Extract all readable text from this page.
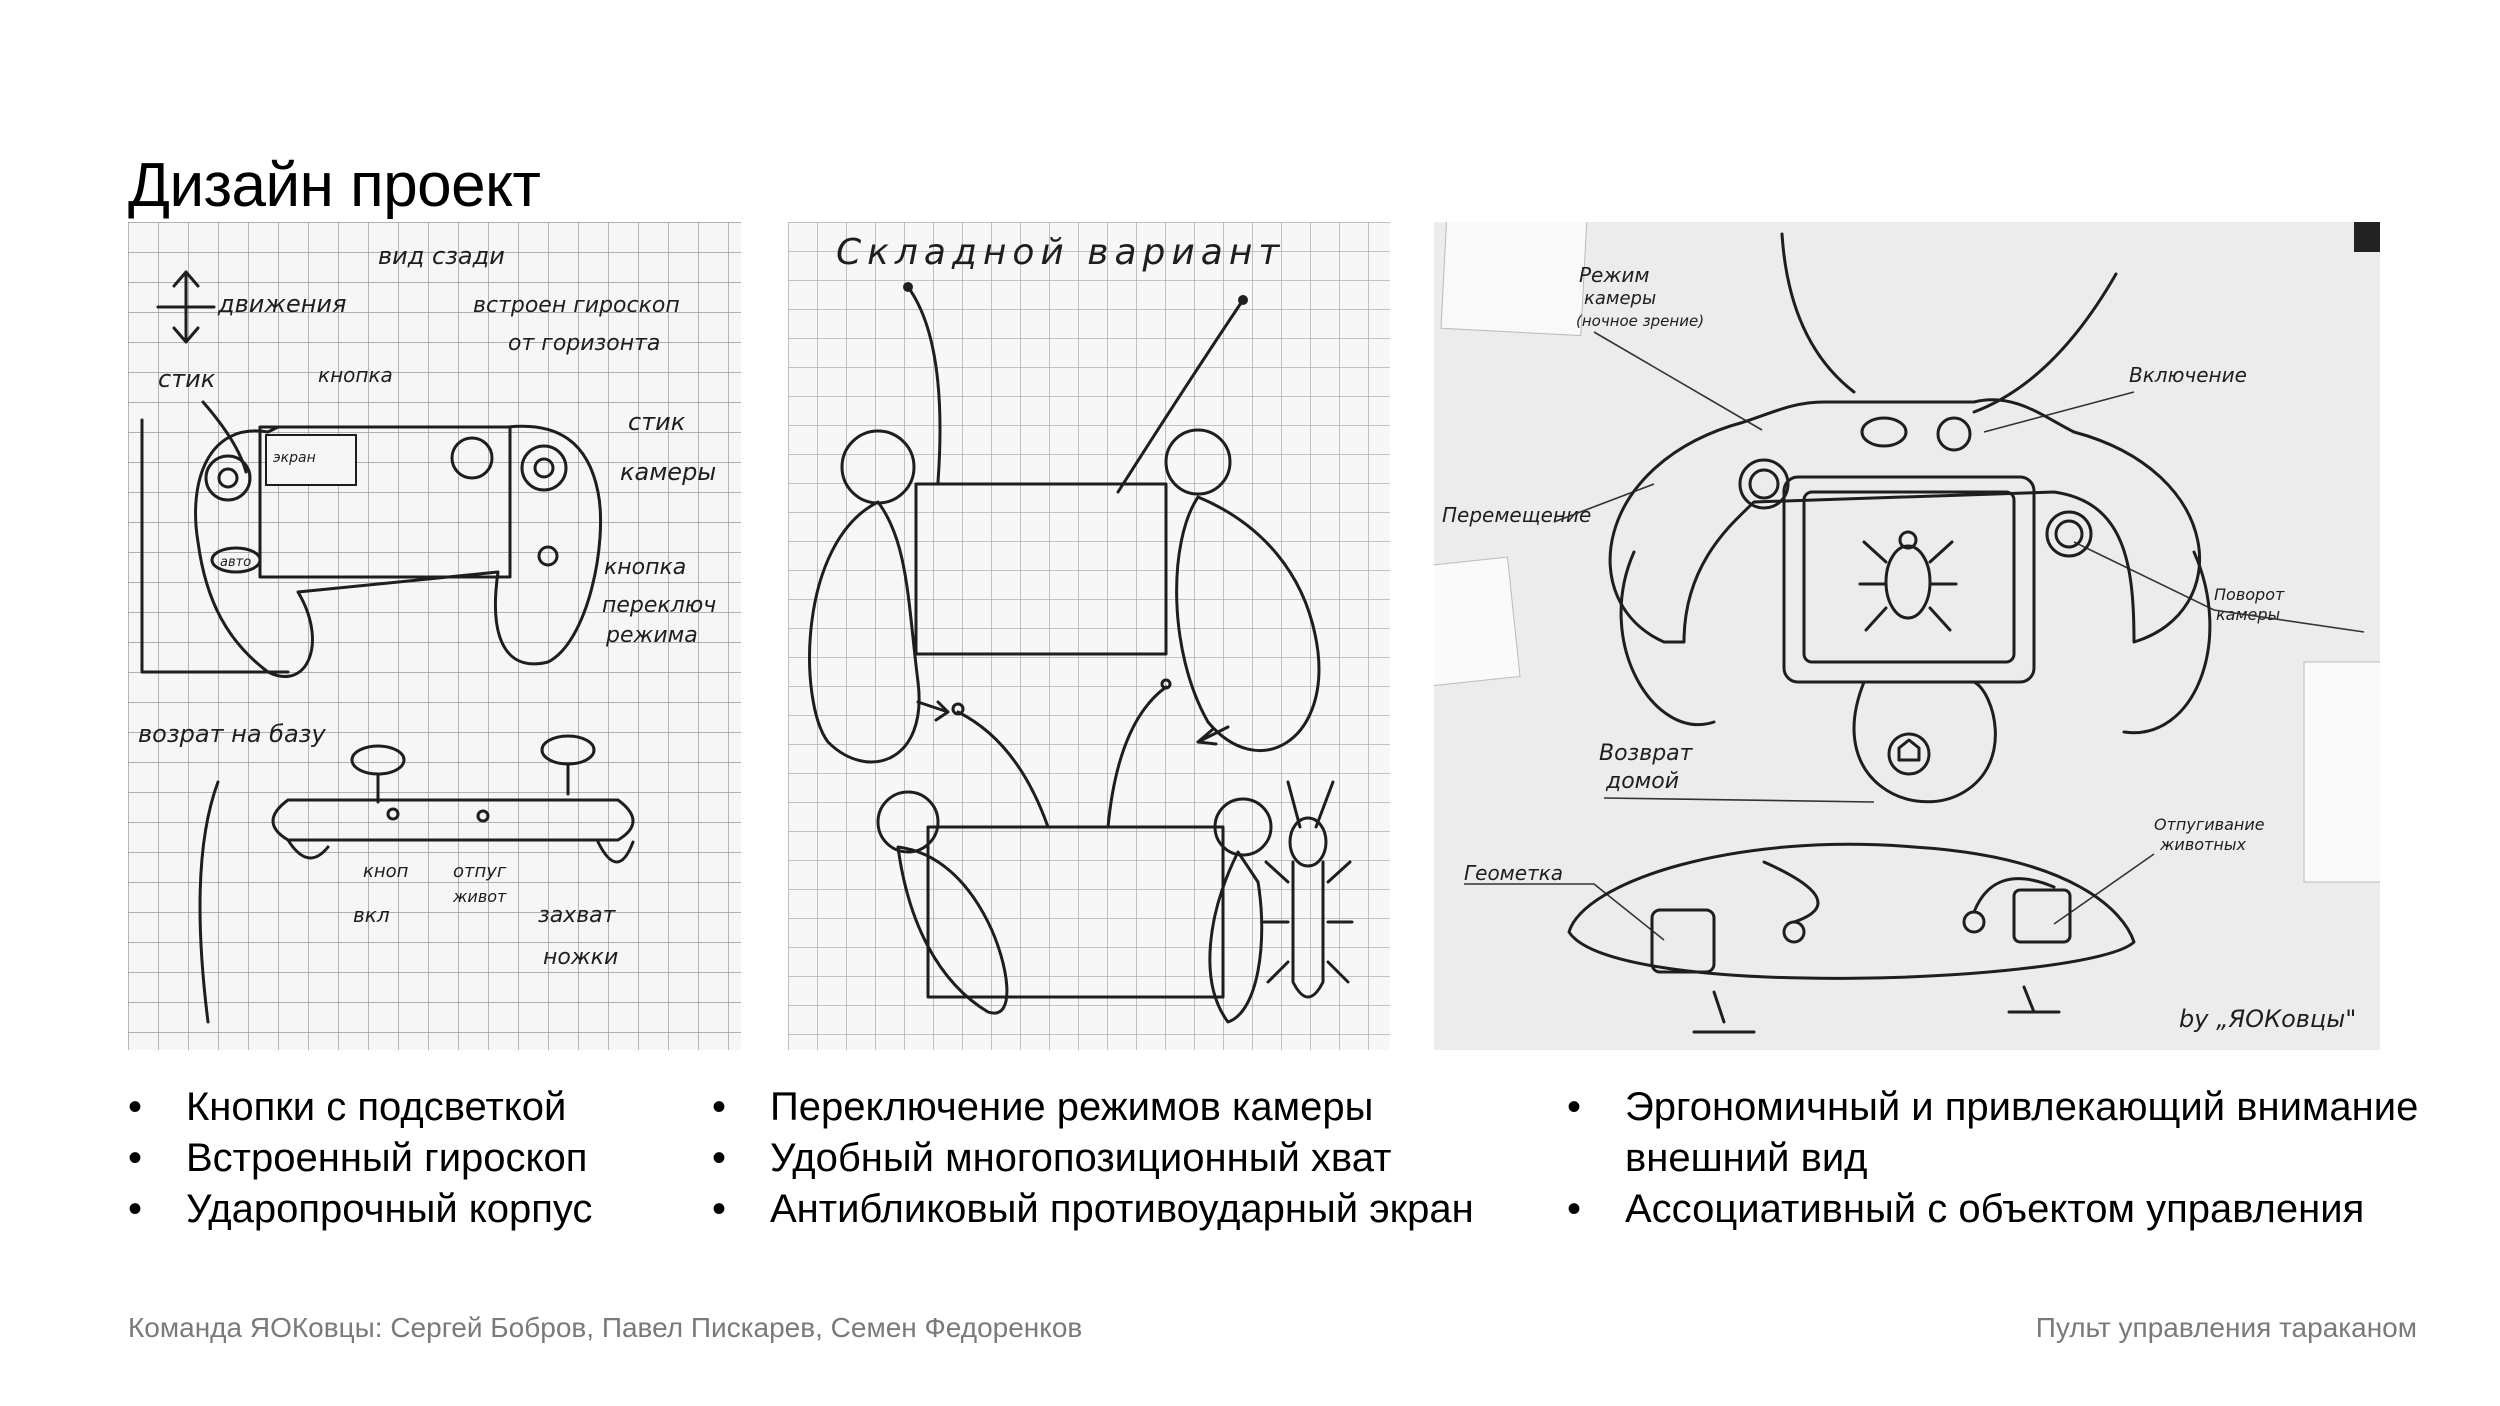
Дизайн проект
вид сзади
движения
кнопка
встроен гироскоп
от горизонта
стик
стик
камеры
экран
авто	кнопка
переключ
режима
возрат на базу
кноп
вкл
отпуг
живот
захват
ножки
Складной вариант
Режим
камеры
(ночное зрение)
Включение
Перемещение
Поворот
камеры
Возврат
домой
Геометка
Отпугивание
животных
by „ЯОКовцы"
• Кнопки с подсветкой
• Встроенный гироскоп
• Ударопрочный корпус
• Переключение режимов камеры
• Удобный многопозиционный хват
• Антибликовый противоударный экран
• Эргономичный и привлекающий внимание внешний вид
• Ассоциативный с объектом управления
Команда ЯОКовцы: Сергей Бобров, Павел Пискарев, Семен Федоренков	Пульт управления тараканом
